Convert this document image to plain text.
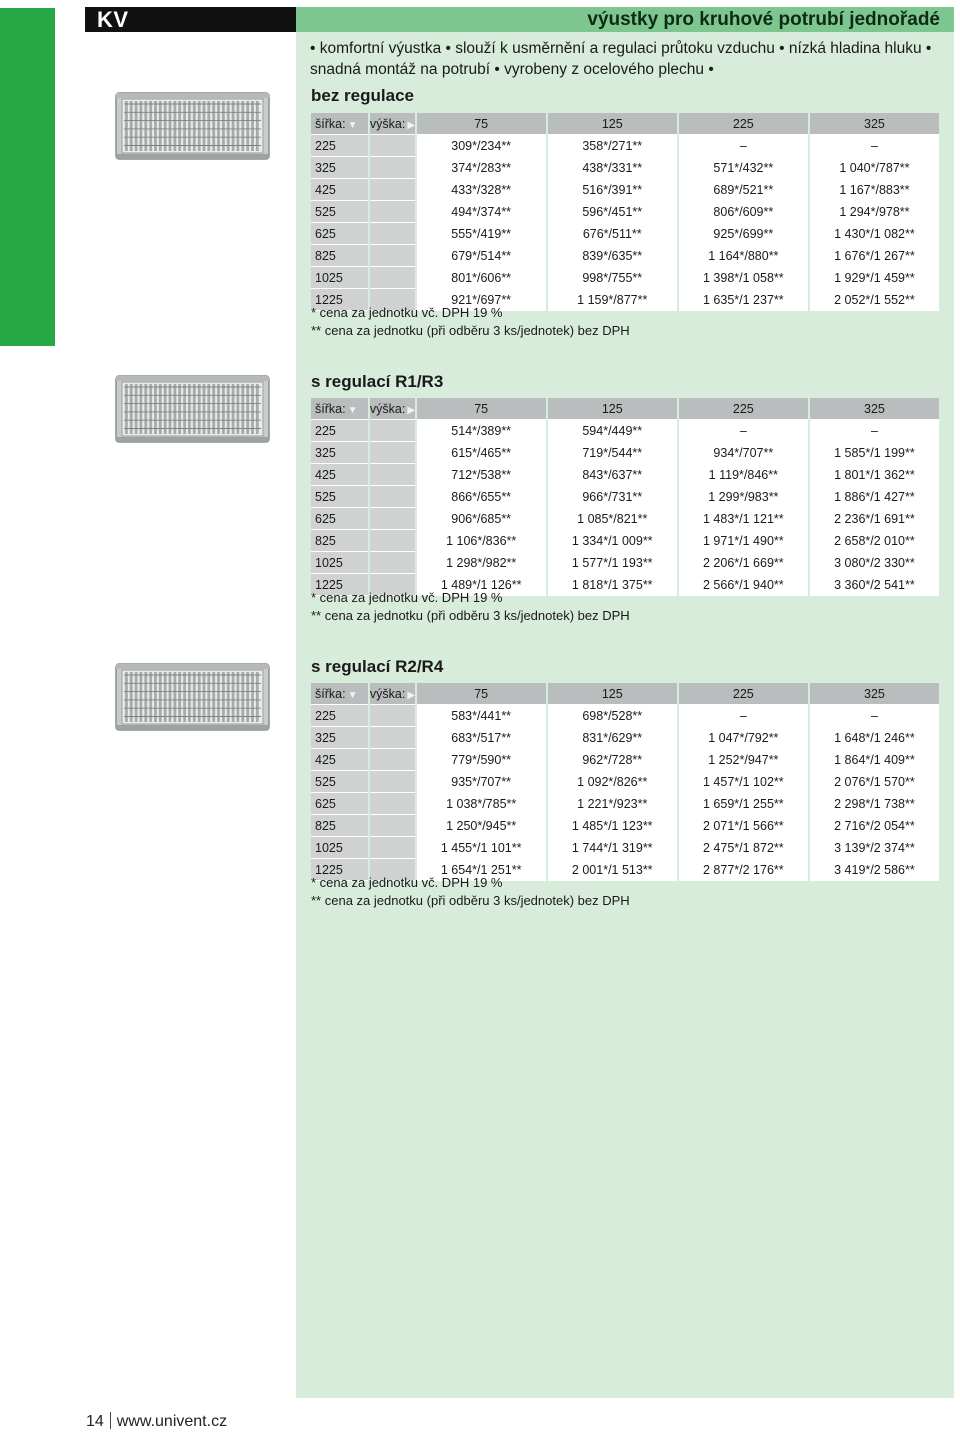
KV	výustky pro kruhové potrubí jednořadé
• komfortní výustka • slouží k usměrnění a regulaci průtoku vzduchu • nízká hladina hluku • snadná montáž na potrubí • vyrobeny z ocelového plechu •
bez regulace
šířka: ▼	výška: ▶	75	125	225	325
225		309*/234**	358*/271**	–	–
325		374*/283**	438*/331**	571*/432**	1 040*/787**
425		433*/328**	516*/391**	689*/521**	1 167*/883**
525		494*/374**	596*/451**	806*/609**	1 294*/978**
625		555*/419**	676*/511**	925*/699**	1 430*/1 082**
825		679*/514**	839*/635**	1 164*/880**	1 676*/1 267**
1025		801*/606**	998*/755**	1 398*/1 058**	1 929*/1 459**
1225		921*/697**	1 159*/877**	1 635*/1 237**	2 052*/1 552**
* cena za jednotku vč. DPH 19 %
** cena za jednotku (při odběru 3 ks/jednotek) bez DPH
s regulací R1/R3
šířka: ▼	výška: ▶	75	125	225	325
225		514*/389**	594*/449**	–	–
325		615*/465**	719*/544**	934*/707**	1 585*/1 199**
425		712*/538**	843*/637**	1 119*/846**	1 801*/1 362**
525		866*/655**	966*/731**	1 299*/983**	1 886*/1 427**
625		906*/685**	1 085*/821**	1 483*/1 121**	2 236*/1 691**
825		1 106*/836**	1 334*/1 009**	1 971*/1 490**	2 658*/2 010**
1025		1 298*/982**	1 577*/1 193**	2 206*/1 669**	3 080*/2 330**
1225		1 489*/1 126**	1 818*/1 375**	2 566*/1 940**	3 360*/2 541**
* cena za jednotku vč. DPH 19 %
** cena za jednotku (při odběru 3 ks/jednotek) bez DPH
s regulací R2/R4
šířka: ▼	výška: ▶	75	125	225	325
225		583*/441**	698*/528**	–	–
325		683*/517**	831*/629**	1 047*/792**	1 648*/1 246**
425		779*/590**	962*/728**	1 252*/947**	1 864*/1 409**
525		935*/707**	1 092*/826**	1 457*/1 102**	2 076*/1 570**
625		1 038*/785**	1 221*/923**	1 659*/1 255**	2 298*/1 738**
825		1 250*/945**	1 485*/1 123**	2 071*/1 566**	2 716*/2 054**
1025		1 455*/1 101**	1 744*/1 319**	2 475*/1 872**	3 139*/2 374**
1225		1 654*/1 251**	2 001*/1 513**	2 877*/2 176**	3 419*/2 586**
* cena za jednotku vč. DPH 19 %
** cena za jednotku (při odběru 3 ks/jednotek) bez DPH
14 www.univent.cz
